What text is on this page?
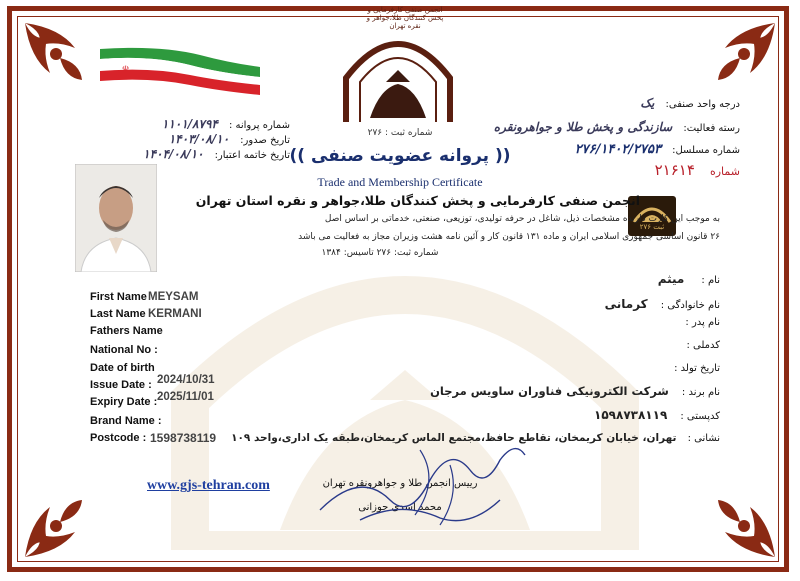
☫
انجمن صنفی کارفرمایی و پخش کنندگان طلا،جواهر و نقره تهران
شماره ثبت : ۲۷۶
شماره پروانه : ۱۱۰۱/۸۷۹۴
تاریخ صدور: ۱۴۰۳/۰۸/۱۰
تاریخ خاتمه اعتبار: ۱۴۰۴/۰۸/۱۰
درجه واحد صنفی: یک
رسته فعالیت: سازندگی و پخش طلا و جواهرونقره
شماره مسلسل: ۲۷۶/۱۴۰۲/۲۷۵۳
شماره ۲۱۶۱۴
ثبت ۲۷۶
(( پروانه عضویت صنفی ))
Trade and Membership Certificate
انجمن صنفی کارفرمایی و پخش کنندگان طلا،جواهر و نقره استان تهران
به موجب این کارت دارنده مشخصات ذیل، شاغل در حرفه تولیدی، توزیعی، صنعتی، خدماتی بر اساس اصل
۲۶ قانون اساسی جمهوری اسلامی ایران و ماده ۱۳۱ قانون کار و آئین نامه هشت وزیران مجاز به فعالیت می باشد
شماره ثبت: ۲۷۶ تاسیس: ۱۳۸۴
نام : میثم
نام خانوادگی : کرمانی
نام پدر :
کدملی :
تاریخ تولد :
نام برند : شرکت الکترونیکی فناوران ساویس مرجان
کدپستی : ۱۵۹۸۷۳۸۱۱۹
نشانی : تهران، خیابان کریمخان، تقاطع حافظ،مجتمع الماس کریمخان،طبقه یک اداری،واحد ۱۰۹
First Name MEYSAM
Last Name KERMANI
Fathers Name
National No :
Date of birth
Issue Date : 2024/10/31
Expiry Date : 2025/11/01
Brand Name :
Postcode : 1598738119
www.gjs-tehran.com	رییس انجمن طلا و جواهرونقره تهران
محمد اسدی جوزانی
